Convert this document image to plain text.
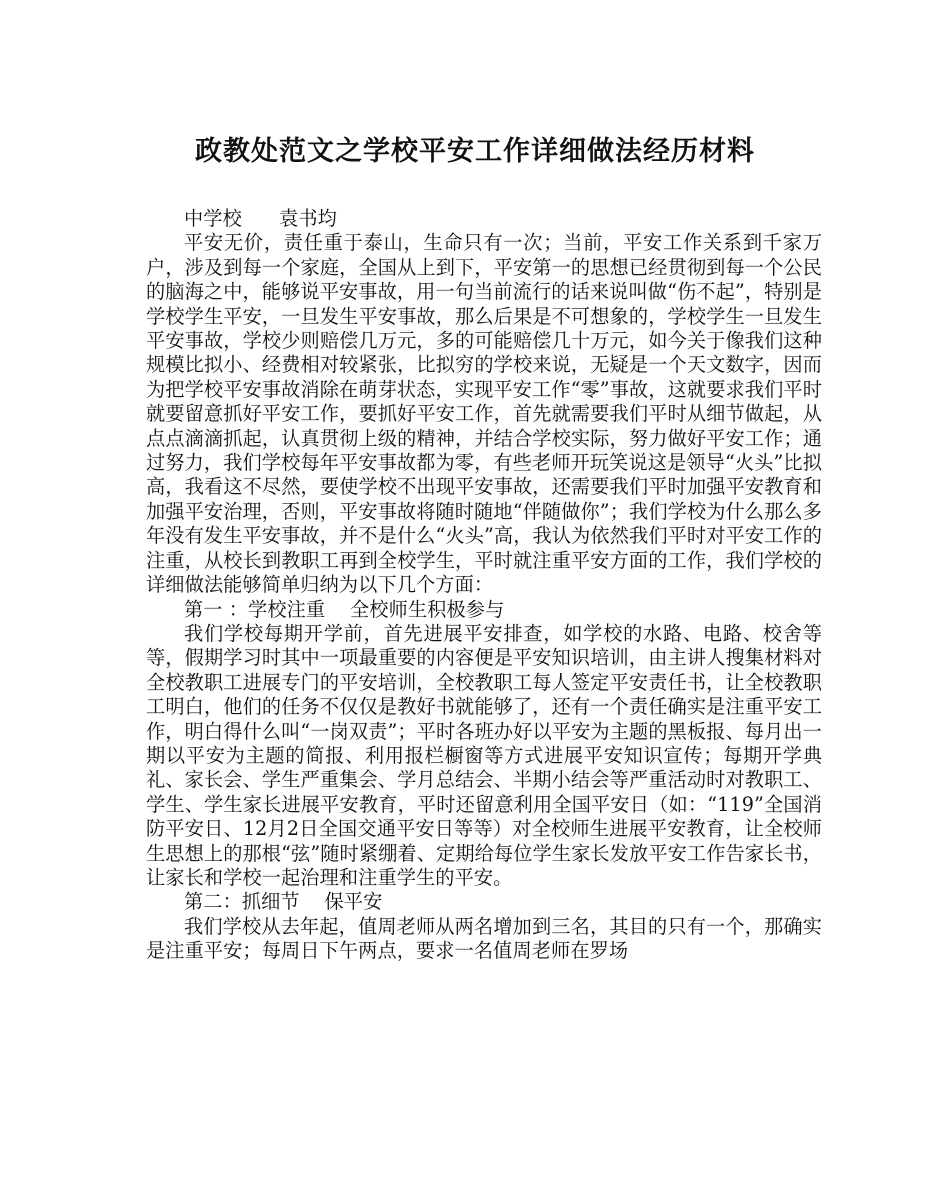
政教处范文之学校平安工作详细做法经历材料

中学校      袁书均

平安无价，责任重于泰山，生命只有一次；当前，平安工作关系到千家万户，涉及到每一个家庭，全国从上到下，平安第一的思想已经贯彻到每一个公民的脑海之中，能够说平安事故，用一句当前流行的话来说叫做“伤不起”，特别是学校学生平安，一旦发生平安事故，那么后果是不可想象的，学校学生一旦发生平安事故，学校少则赔偿几万元，多的可能赔偿几十万元，如今关于像我们这种规模比拟小、经费相对较紧张，比拟穷的学校来说，无疑是一个天文数字，因而为把学校平安事故消除在萌芽状态，实现平安工作“零”事故，这就要求我们平时就要留意抓好平安工作，要抓好平安工作，首先就需要我们平时从细节做起，从点点滴滴抓起，认真贯彻上级的精神，并结合学校实际，努力做好平安工作；通过努力，我们学校每年平安事故都为零，有些老师开玩笑说这是领导“火头”比拟高，我看这不尽然，要使学校不出现平安事故，还需要我们平时加强平安教育和加强平安治理，否则，平安事故将随时随地“伴随做你”；我们学校为什么那么多年没有发生平安事故，并不是什么“火头”高，我认为依然我们平时对平安工作的注重，从校长到教职工再到全校学生，平时就注重平安方面的工作，我们学校的详细做法能够简单归纳为以下几个方面：

第一 ：学校注重    全校师生积极参与

我们学校每期开学前，首先进展平安排查，如学校的水路、电路、校舍等等，假期学习时其中一项最重要的内容便是平安知识培训，由主讲人搜集材料对全校教职工进展专门的平安培训，全校教职工每人签定平安责任书，让全校教职工明白，他们的任务不仅仅是教好书就能够了，还有一个责任确实是注重平安工作，明白得什么叫“一岗双责”；平时各班办好以平安为主题的黑板报、每月出一期以平安为主题的简报、利用报栏橱窗等方式进展平安知识宣传；每期开学典礼、家长会、学生严重集会、学月总结会、半期小结会等严重活动时对教职工、学生、学生家长进展平安教育，平时还留意利用全国平安日（如：“119”全国消防平安日、12月2日全国交通平安日等等）对全校师生进展平安教育，让全校师生思想上的那根“弦”随时紧绷着、定期给每位学生家长发放平安工作告家长书，让家长和学校一起治理和注重学生的平安。

第二：抓细节    保平安

我们学校从去年起，值周老师从两名增加到三名，其目的只有一个，那确实是注重平安；每周日下午两点，要求一名值周老师在罗场
